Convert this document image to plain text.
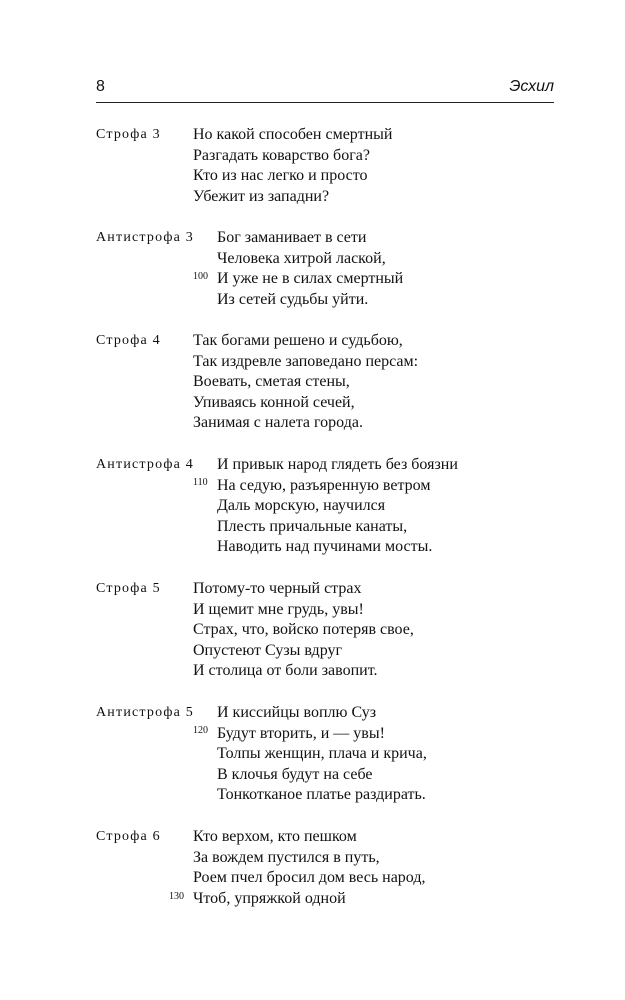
8	Эсхил
Строфа 3 Но какой способен смертный
Разгадать коварство бога?
Кто из нас легко и просто
Убежит из западни?
Антистрофа 3 Бог заманивает в сети
Человека хитрой лаской,
100 И уже не в силах смертный
Из сетей судьбы уйти.
Строфа 4 Так богами решено и судьбою,
Так издревле заповедано персам:
Воевать, сметая стены,
Упиваясь конной сечей,
Занимая с налета города.
Антистрофа 4 И привык народ глядеть без боязни
110 На седую, разъяренную ветром
Даль морскую, научился
Плесть причальные канаты,
Наводить над пучинами мосты.
Строфа 5 Потому-то черный страх
И щемит мне грудь, увы!
Страх, что, войско потеряв свое,
Опустеют Сузы вдруг
И столица от боли завопит.
Антистрофа 5 И киссийцы воплю Суз
120 Будут вторить, и — увы!
Толпы женщин, плача и крича,
В клочья будут на себе
Тонкотканое платье раздирать.
Строфа 6 Кто верхом, кто пешком
За вождем пустился в путь,
Роем пчел бросил дом весь народ,
130 Чтоб, упряжкой одной
